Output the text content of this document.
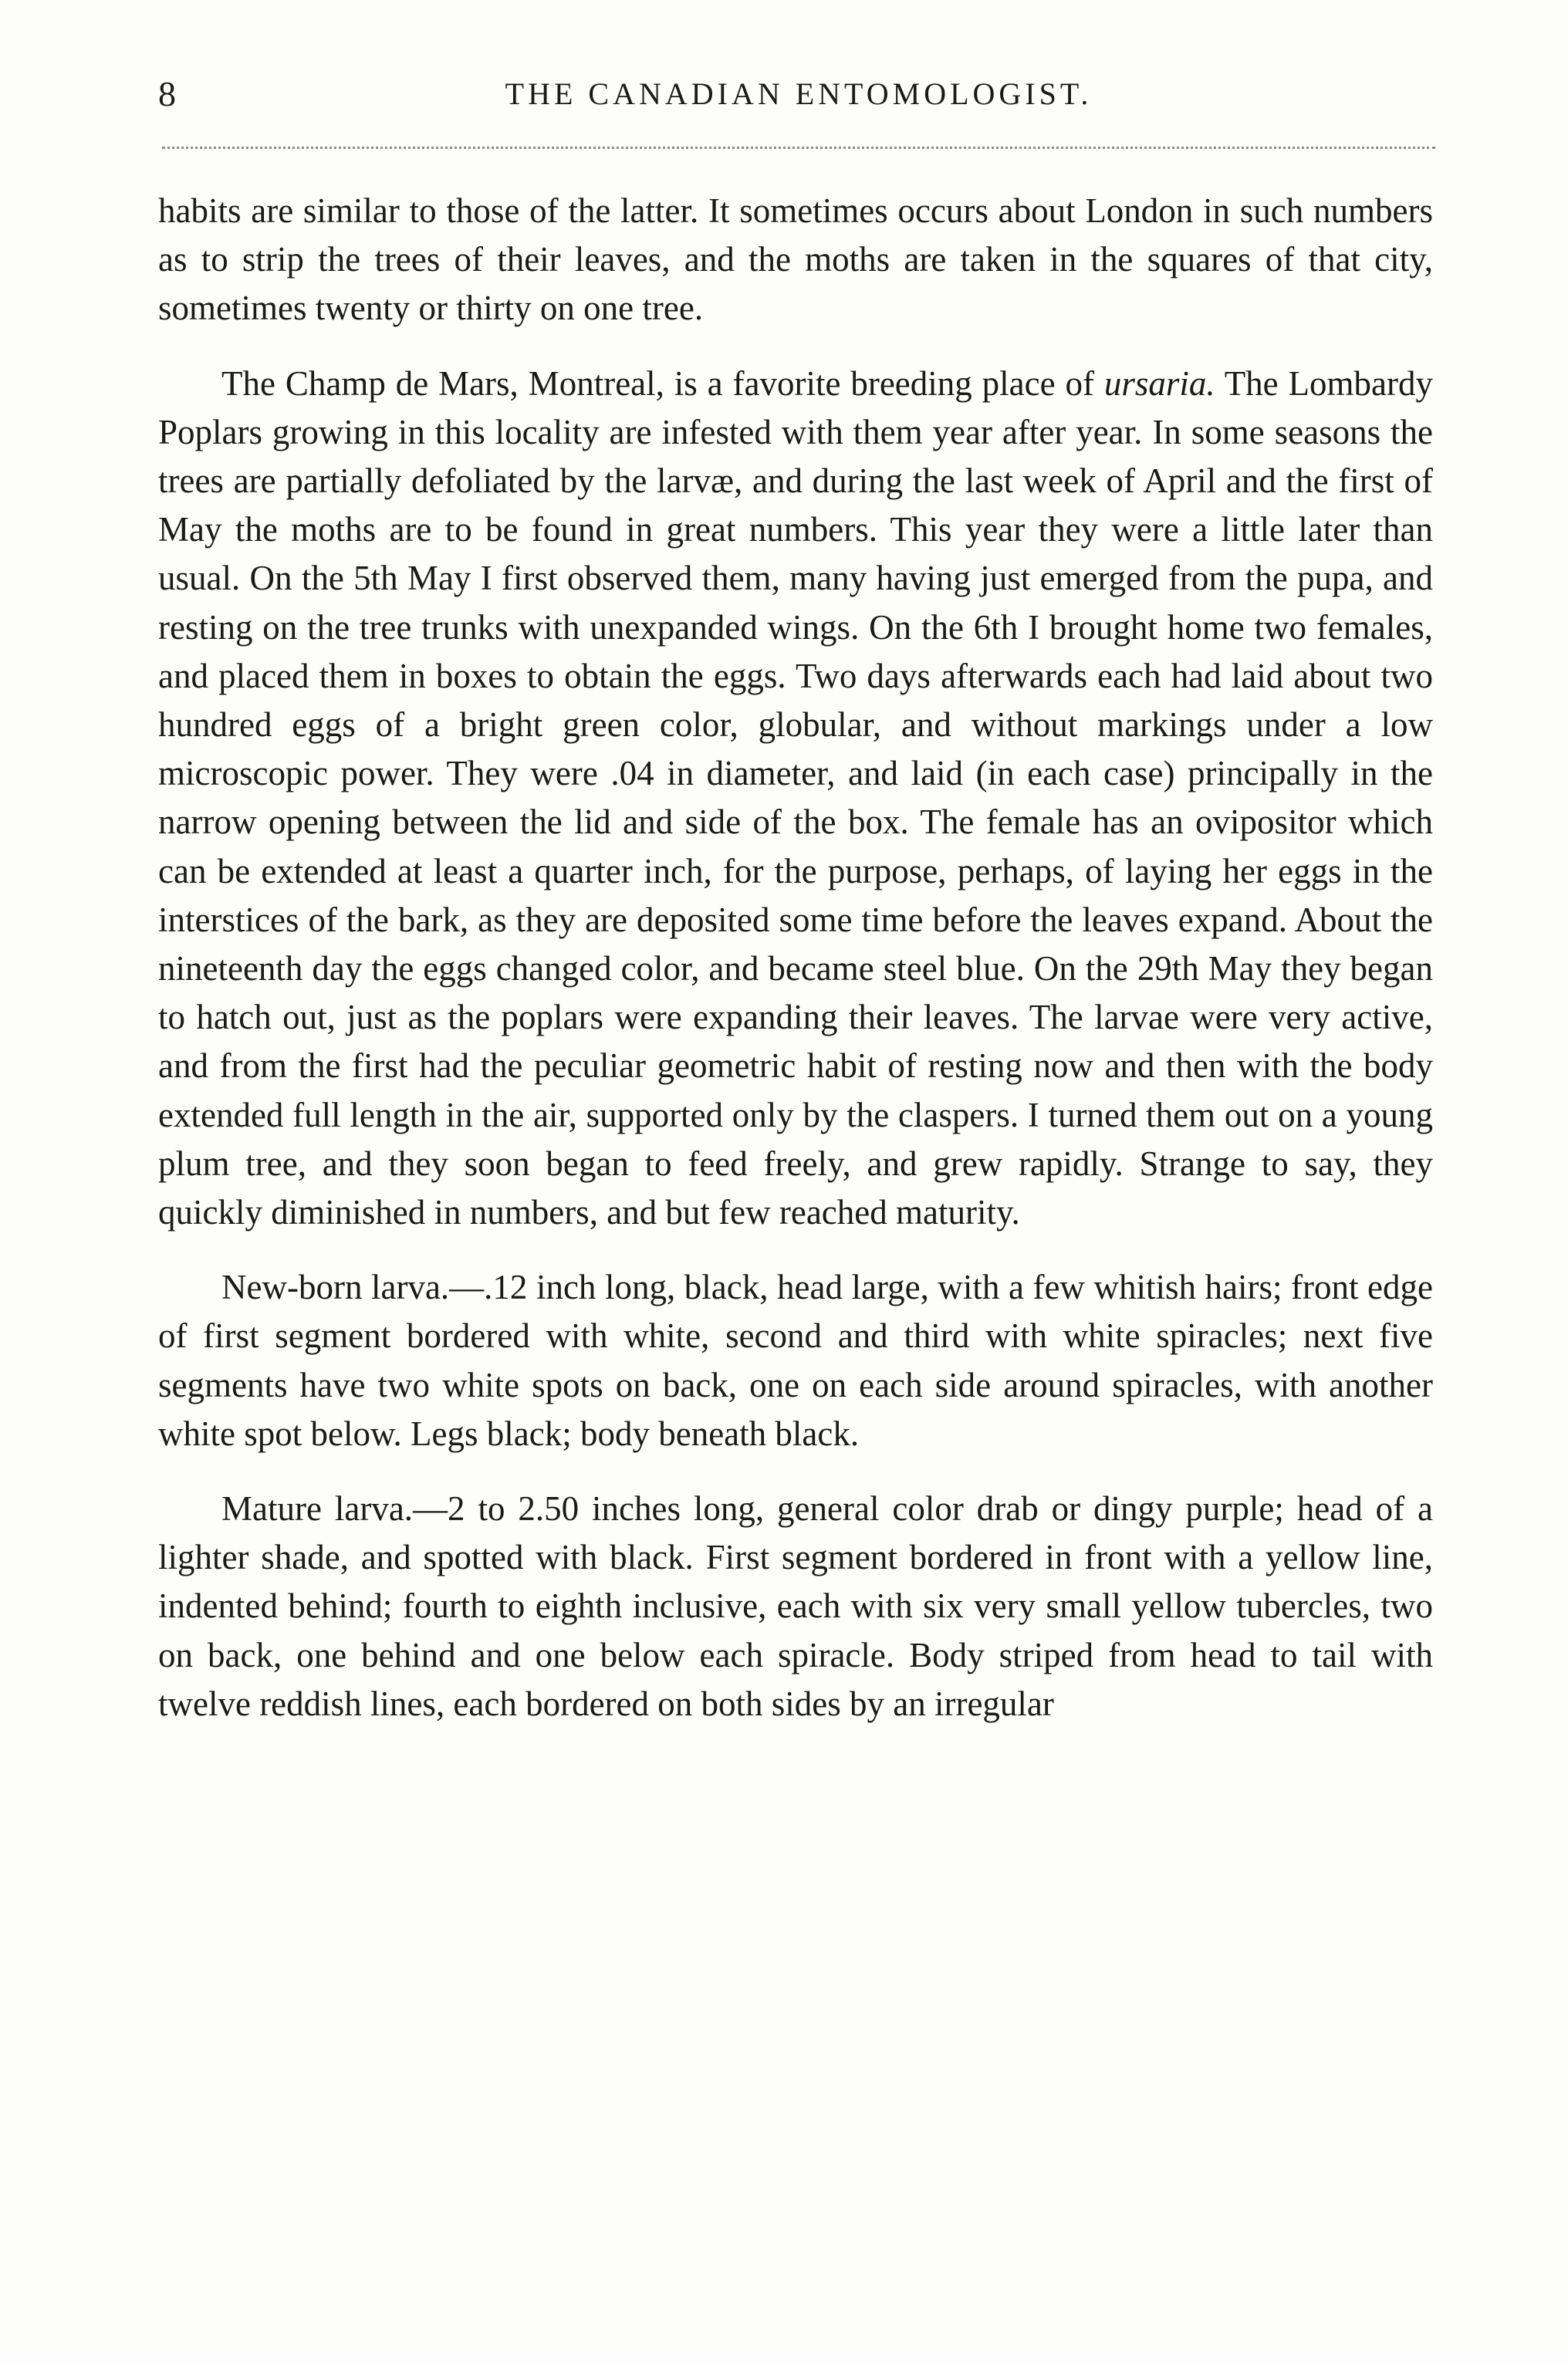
8	THE CANADIAN ENTOMOLOGIST.

habits are similar to those of the latter. It sometimes occurs about London in such numbers as to strip the trees of their leaves, and the moths are taken in the squares of that city, sometimes twenty or thirty on one tree.

The Champ de Mars, Montreal, is a favorite breeding place of ursaria. The Lombardy Poplars growing in this locality are infested with them year after year. In some seasons the trees are partially defoliated by the larvæ, and during the last week of April and the first of May the moths are to be found in great numbers. This year they were a little later than usual. On the 5th May I first observed them, many having just emerged from the pupa, and resting on the tree trunks with unexpanded wings. On the 6th I brought home two females, and placed them in boxes to obtain the eggs. Two days afterwards each had laid about two hundred eggs of a bright green color, globular, and without markings under a low microscopic power. They were .04 in diameter, and laid (in each case) principally in the narrow opening between the lid and side of the box. The female has an ovipositor which can be extended at least a quarter inch, for the purpose, perhaps, of laying her eggs in the interstices of the bark, as they are deposited some time before the leaves expand. About the nineteenth day the eggs changed color, and became steel blue. On the 29th May they began to hatch out, just as the poplars were expanding their leaves. The larvae were very active, and from the first had the peculiar geometric habit of resting now and then with the body extended full length in the air, supported only by the claspers. I turned them out on a young plum tree, and they soon began to feed freely, and grew rapidly. Strange to say, they quickly diminished in numbers, and but few reached maturity.

New-born larva.—.12 inch long, black, head large, with a few whitish hairs; front edge of first segment bordered with white, second and third with white spiracles; next five segments have two white spots on back, one on each side around spiracles, with another white spot below. Legs black; body beneath black.

Mature larva.—2 to 2.50 inches long, general color drab or dingy purple; head of a lighter shade, and spotted with black. First segment bordered in front with a yellow line, indented behind; fourth to eighth inclusive, each with six very small yellow tubercles, two on back, one behind and one below each spiracle. Body striped from head to tail with twelve reddish lines, each bordered on both sides by an irregular
